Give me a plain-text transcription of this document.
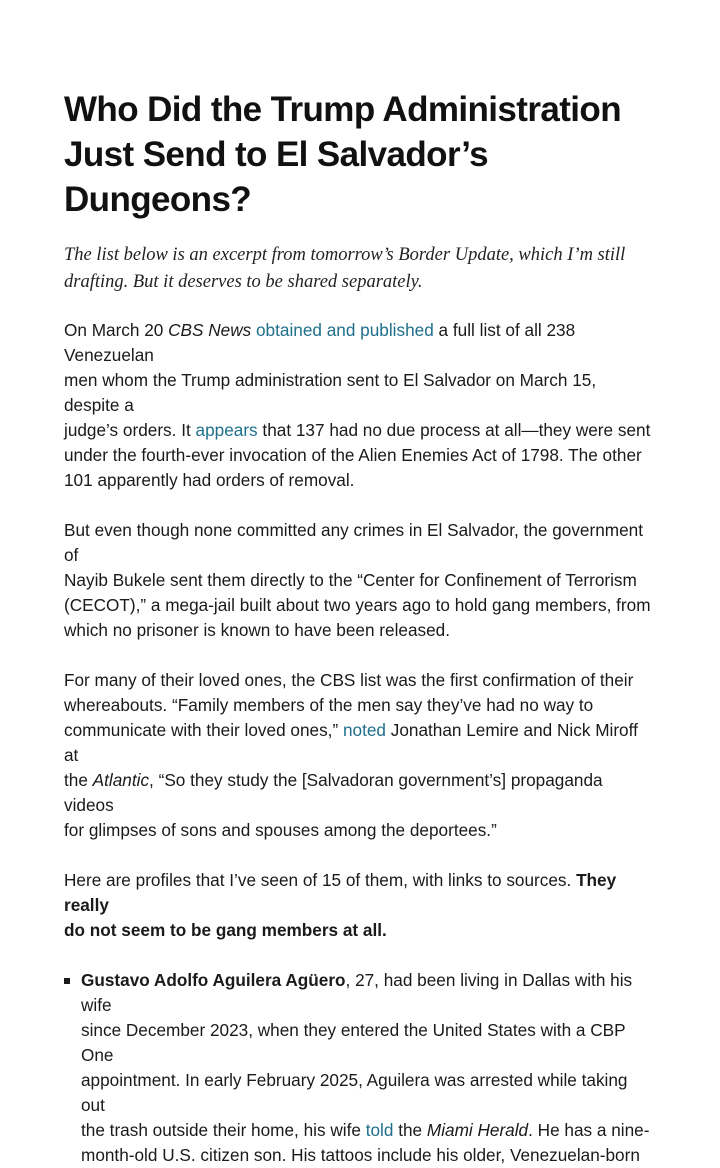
Who Did the Trump Administration
Just Send to El Salvador’s Dungeons?

The list below is an excerpt from tomorrow’s Border Update, which I’m still
drafting. But it deserves to be shared separately.

On March 20 CBS News obtained and published a full list of all 238 Venezuelan
men whom the Trump administration sent to El Salvador on March 15, despite a
judge’s orders. It appears that 137 had no due process at all—they were sent
under the fourth-ever invocation of the Alien Enemies Act of 1798. The other
101 apparently had orders of removal.

But even though none committed any crimes in El Salvador, the government of
Nayib Bukele sent them directly to the “Center for Confinement of Terrorism
(CECOT),” a mega-jail built about two years ago to hold gang members, from
which no prisoner is known to have been released.

For many of their loved ones, the CBS list was the first confirmation of their
whereabouts. “Family members of the men say they’ve had no way to
communicate with their loved ones,” noted Jonathan Lemire and Nick Miroff at
the Atlantic, “So they study the [Salvadoran government’s] propaganda videos
for glimpses of sons and spouses among the deportees.”

Here are profiles that I’ve seen of 15 of them, with links to sources. They really
do not seem to be gang members at all.

Gustavo Adolfo Aguilera Agüero, 27, had been living in Dallas with his wife
since December 2023, when they entered the United States with a CBP One
appointment. In early February 2025, Aguilera was arrested while taking out
the trash outside their home, his wife told the Miami Herald. He has a nine-
month-old U.S. citizen son. His tattoos include his older, Venezuelan-born
